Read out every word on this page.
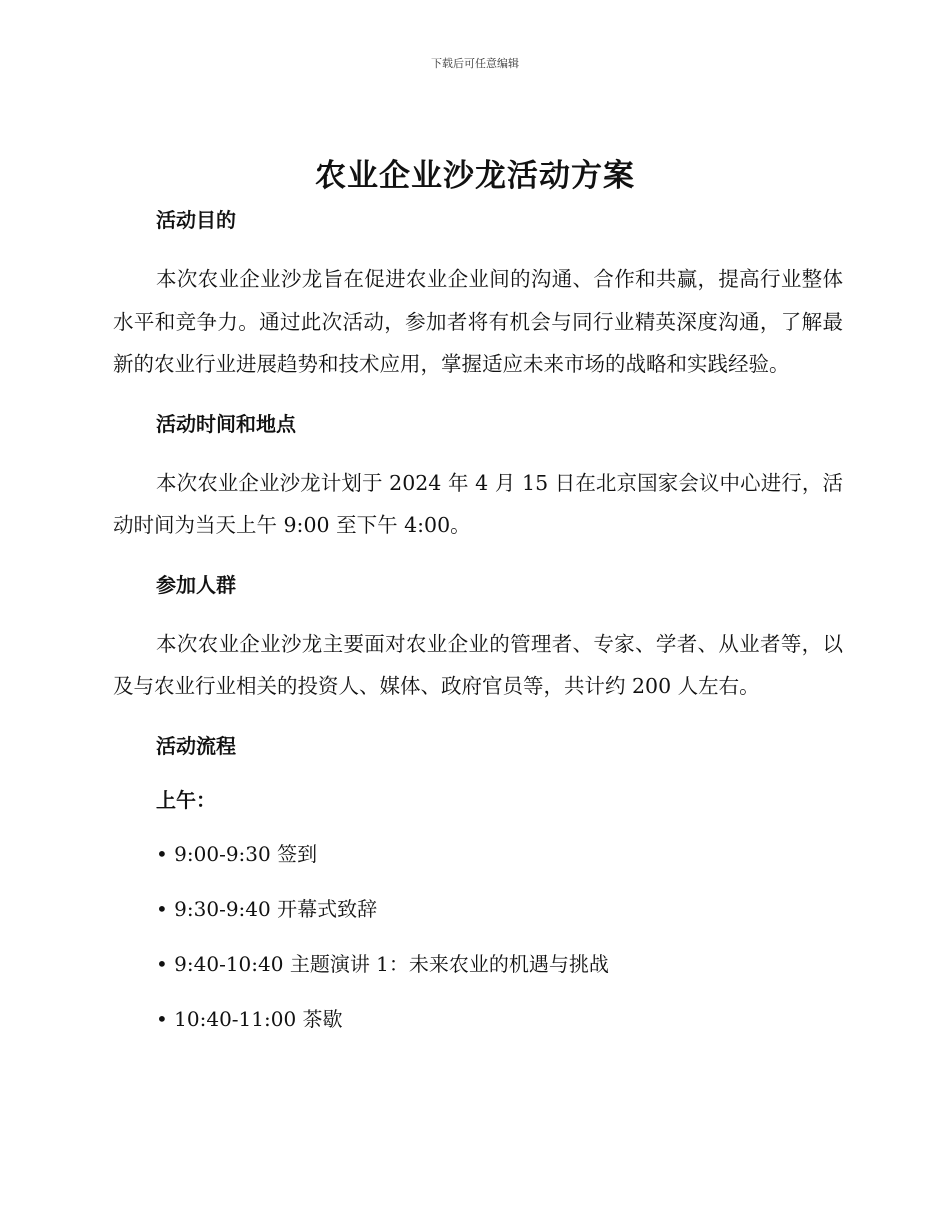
下载后可任意编辑
农业企业沙龙活动方案
活动目的

本次农业企业沙龙旨在促进农业企业间的沟通、合作和共赢，提高行业整体水平和竞争力。通过此次活动，参加者将有机会与同行业精英深度沟通，了解最新的农业行业进展趋势和技术应用，掌握适应未来市场的战略和实践经验。

活动时间和地点

本次农业企业沙龙计划于 2024 年 4 月 15 日在北京国家会议中心进行，活动时间为当天上午 9:00 至下午 4:00。

参加人群

本次农业企业沙龙主要面对农业企业的管理者、专家、学者、从业者等，以及与农业行业相关的投资人、媒体、政府官员等，共计约 200 人左右。

活动流程
上午：
• 9:00-9:30 签到
• 9:30-9:40 开幕式致辞
• 9:40-10:40 主题演讲 1：未来农业的机遇与挑战
• 10:40-11:00 茶歇
